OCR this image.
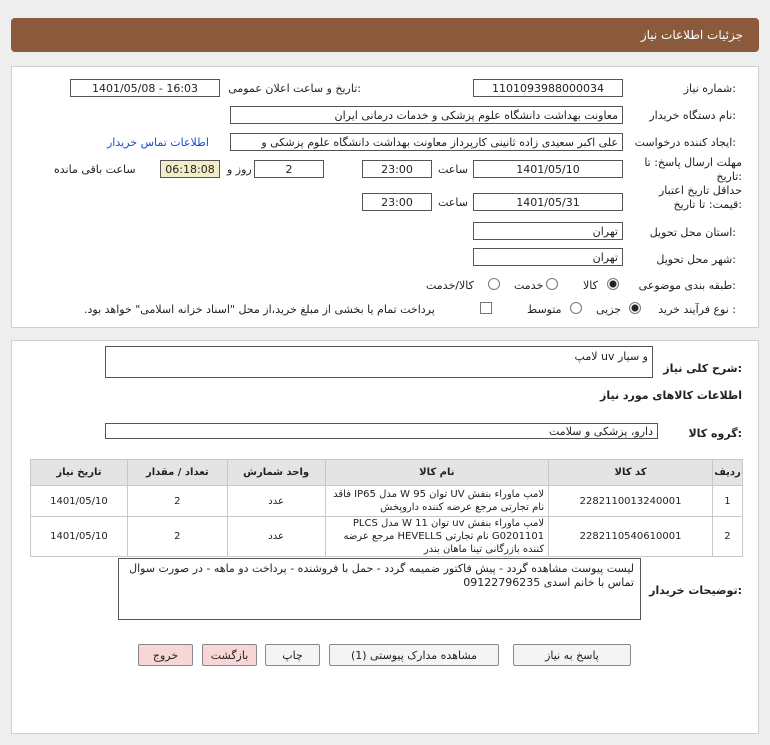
جزئیات اطلاعات نیاز
شماره نیاز:
1101093988000034
تاریخ و ساعت اعلان عمومی:
1401/05/08 - 16:03
نام دستگاه خریدار:
معاونت بهداشت دانشگاه علوم پزشکی و خدمات درمانی ایران
ایجاد کننده درخواست:
علی اکبر سعیدی زاده ثانینی کارپرداز معاونت بهداشت دانشگاه علوم پزشکی و
اطلاعات تماس خریدار
مهلت ارسال پاسخ: تا تاریخ:
1401/05/10
ساعت
23:00
2
روز و
06:18:08
ساعت باقی مانده
حداقل تاریخ اعتبار قیمت: تا تاریخ:
1401/05/31
ساعت
23:00
استان محل تحویل:
تهران
شهر محل تحویل:
تهران
طبقه بندی موضوعی:
کالا
خدمت
کالا/خدمت
نوع فرآیند خرید :
جزیی
متوسط
پرداخت تمام یا بخشی از مبلغ خرید،از محل "اسناد خزانه اسلامی" خواهد بود.
شرح کلی نیاز:
لامپ uv و سیار
اطلاعات کالاهای مورد نیاز
گروه کالا:
دارو، پزشکی و سلامت
تاریخ نیاز	تعداد / مقدار	واحد شمارش	نام کالا	کد کالا	ردیف
1401/05/10	2	عدد	لامپ ماوراء بنفش UV توان 95 W مدل IP65 فاقد نام تجارتی مرجع عرضه کننده داروپخش	2282110013240001	1
1401/05/10	2	عدد	لامپ ماوراء بنفش uv توان 11 W مدل PLCS G0201101 نام تجارتی HEVELLS مرجع عرضه کننده بازرگانی تینا ماهان بندر	2282110540610001	2
توضیحات خریدار:
لیست پیوست مشاهده گردد - پیش فاکتور ضمیمه گردد - حمل با فروشنده - پرداخت دو ماهه - در صورت سوال تماس با خانم اسدی 09122796235
پاسخ به نیاز
مشاهده مدارک پیوستی (1)
چاپ
بازگشت
خروج
